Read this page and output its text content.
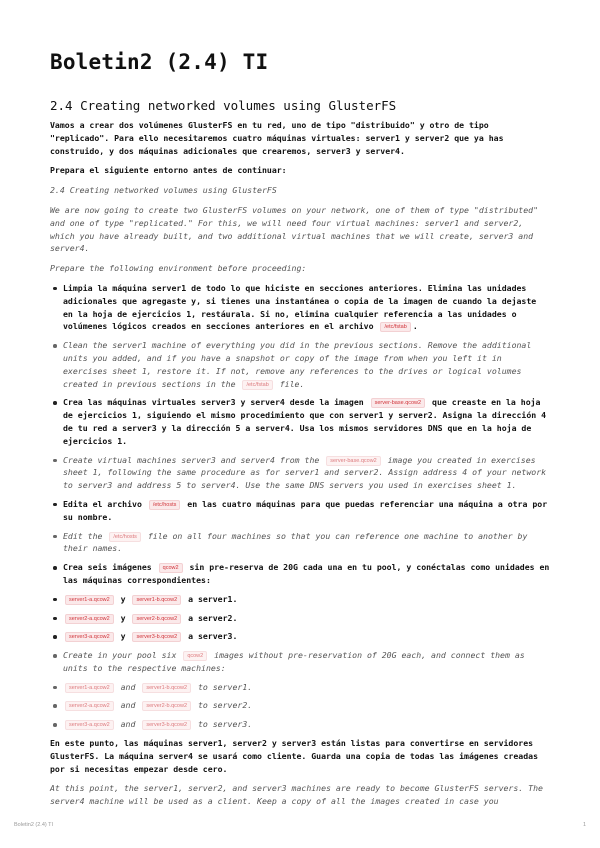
Boletin2 (2.4) TI
2.4 Creating networked volumes using GlusterFS

Vamos a crear dos volúmenes GlusterFS en tu red, uno de tipo "distribuido" y otro de tipo "replicado". Para ello necesitaremos cuatro máquinas virtuales: server1 y server2 que ya has construido, y dos máquinas adicionales que crearemos, server3 y server4.

Prepara el siguiente entorno antes de continuar:

2.4 Creating networked volumes using GlusterFS

We are now going to create two GlusterFS volumes on your network, one of them of type "distributed" and one of type "replicated." For this, we will need four virtual machines: server1 and server2, which you have already built, and two additional virtual machines that we will create, server3 and server4.

Prepare the following environment before proceeding:

Limpia la máquina server1 de todo lo que hiciste en secciones anteriores. Elimina las unidades adicionales que agregaste y, si tienes una instantánea o copia de la imagen de cuando la dejaste en la hoja de ejercicios 1, restáurala. Si no, elimina cualquier referencia a las unidades o volúmenes lógicos creados en secciones anteriores en el archivo /etc/fstab .
Clean the server1 machine of everything you did in the previous sections. Remove the additional units you added, and if you have a snapshot or copy of the image from when you left it in exercises sheet 1, restore it. If not, remove any references to the drives or logical volumes created in previous sections in the /etc/fstab file.
Crea las máquinas virtuales server3 y server4 desde la imagen server-base.qcow2 que creaste en la hoja de ejercicios 1, siguiendo el mismo procedimiento que con server1 y server2. Asigna la dirección 4 de tu red a server3 y la dirección 5 a server4. Usa los mismos servidores DNS que en la hoja de ejercicios 1.
Create virtual machines server3 and server4 from the server-base.qcow2 image you created in exercises sheet 1, following the same procedure as for server1 and server2. Assign address 4 of your network to server3 and address 5 to server4. Use the same DNS servers you used in exercises sheet 1.
Edita el archivo /etc/hosts en las cuatro máquinas para que puedas referenciar una máquina a otra por su nombre.
Edit the /etc/hosts file on all four machines so that you can reference one machine to another by their names.
Crea seis imágenes qcow2 sin pre-reserva de 20G cada una en tu pool, y conéctalas como unidades en las máquinas correspondientes:
server1-a.qcow2 y server1-b.qcow2 a server1.
server2-a.qcow2 y server2-b.qcow2 a server2.
server3-a.qcow2 y server3-b.qcow2 a server3.
Create in your pool six qcow2 images without pre-reservation of 20G each, and connect them as units to the respective machines:
server1-a.qcow2 and server1-b.qcow2 to server1.
server2-a.qcow2 and server2-b.qcow2 to server2.
server3-a.qcow2 and server3-b.qcow2 to server3.

En este punto, las máquinas server1, server2 y server3 están listas para convertirse en servidores GlusterFS. La máquina server4 se usará como cliente. Guarda una copia de todas las imágenes creadas por si necesitas empezar desde cero.

At this point, the server1, server2, and server3 machines are ready to become GlusterFS servers. The server4 machine will be used as a client. Keep a copy of all the images created in case you

Boletin2 (2.4) TI	1
